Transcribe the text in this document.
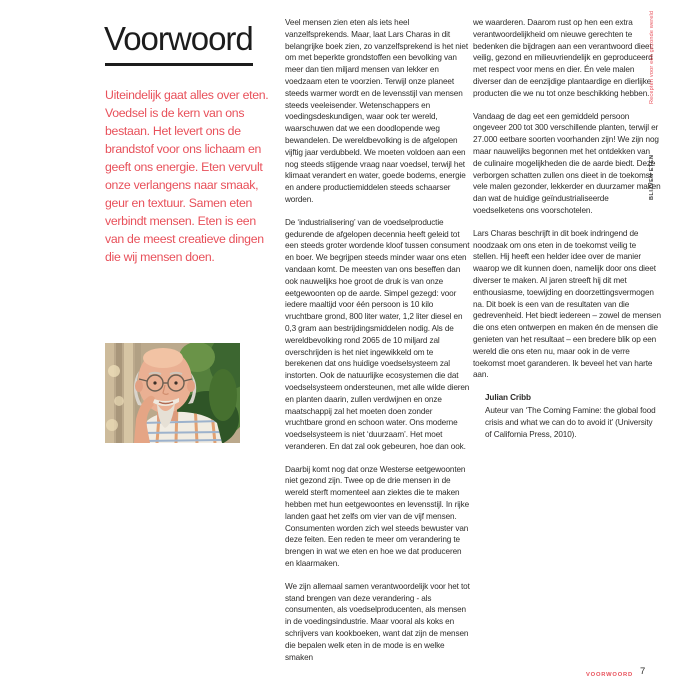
Voorwoord

Uiteindelijk gaat alles over eten. Voedsel is de kern van ons bestaan. Het levert ons de brandstof voor ons lichaam en geeft ons energie. Eten vervult onze verlangens naar smaak, geur en textuur. Samen eten verbindt mensen. Eten is een van de meest creatieve dingen die wij mensen doen.

Veel mensen zien eten als iets heel vanzelfsprekends. Maar, laat Lars Charas in dit belangrijke boek zien, zo vanzelfsprekend is het niet om met beperkte grondstoffen een bevolking van meer dan tien miljard mensen van lekker en voedzaam eten te voorzien. Terwijl onze planeet steeds warmer wordt en de levensstijl van mensen steeds veeleisender. Wetenschappers en voedingsdeskundigen, waar ook ter wereld, waarschuwen dat we een doodlopende weg bewandelen. De wereldbevolking is de afgelopen vijftig jaar verdubbeld. We moeten voldoen aan een nog steeds stijgende vraag naar voedsel, terwijl het klimaat verandert en water, goede bodems, energie en andere productiemiddelen steeds schaarser worden.

De ‘industrialisering’ van de voedselproductie gedurende de afgelopen decennia heeft geleid tot een steeds groter wordende kloof tussen consument en boer. We begrijpen steeds minder waar ons eten vandaan komt. De meesten van ons beseffen dan ook nauwelijks hoe groot de druk is van onze eetgewoonten op de aarde. Simpel gezegd: voor iedere maaltijd voor één persoon is 10 kilo vruchtbare grond, 800 liter water, 1,2 liter diesel en 0,3 gram aan bestrijdingsmiddelen nodig. Als de wereldbevolking rond 2065 de 10 miljard zal overschrijden is het niet ingewikkeld om te berekenen dat ons huidige voedselsysteem zal instorten. Ook de natuurlijke ecosystemen die dat voedselsysteem ondersteunen, met alle wilde dieren en planten daarin, zullen verdwijnen en onze maatschappij zal het moeten doen zonder vruchtbare grond en schoon water. Ons moderne voedselsysteem is niet ‘duurzaam’. Het moet veranderen. En dat zal ook gebeuren, hoe dan ook.

Daarbij komt nog dat onze Westerse eetgewoonten niet gezond zijn. Twee op de drie mensen in de wereld sterft momenteel aan ziektes die te maken hebben met hun eetgewoontes en levensstijl. In rijke landen gaat het zelfs om vier van de vijf mensen. Consumenten worden zich wel steeds bewuster van deze feiten. Een reden te meer om verandering te brengen in wat we eten en hoe we dat produceren en klaarmaken.

We zijn allemaal samen verantwoordelijk voor het tot stand brengen van deze verandering - als consumenten, als voedselproducenten, als mensen in de voedingsindustrie. Maar vooral als koks en schrijvers van kookboeken, want dat zijn de mensen die bepalen welk eten in de mode is en welke smaken

we waarderen. Daarom rust op hen een extra verantwoordelijkheid om nieuwe gerechten te bedenken die bijdragen aan een verantwoord dieet: veilig, gezond en milieuvriendelijk en geproduceerd met respect voor mens en dier. Én vele malen diverser dan de eenzijdige plantaardige en dierlijke producten die we nu tot onze beschikking hebben.

Vandaag de dag eet een gemiddeld persoon ongeveer 200 tot 300 verschillende planten, terwijl er 27.000 eetbare soorten voorhanden zijn! We zijn nog maar nauwelijks begonnen met het ontdekken van de culinaire mogelijkheden die de aarde biedt. Deze verborgen schatten zullen ons dieet in de toekomst vele malen gezonder, lekkerder en duurzamer maken dan wat de huidige geïndustrialiseerde voedselketens ons voorschotelen.

Lars Charas beschrijft in dit boek indringend de noodzaak om ons eten in de toekomst veilig te stellen. Hij heeft een helder idee over de manier waarop we dit kunnen doen, namelijk door ons dieet diverser te maken. Al jaren streeft hij dit met enthousiasme, toewijding en doorzettingsvermogen na. Dit boek is een van de resultaten van die gedrevenheid. Het biedt iedereen – zowel de mensen die ons eten ontwerpen en maken én de mensen die genieten van het resultaat – een bredere blik op een wereld die ons eten nu, maar ook in de verre toekomst moet garanderen. Ik beveel het van harte aan.

Julian Cribb

Auteur van ‘The Coming Famine: the global food crisis and what we can do to avoid it’ (University of California Press, 2010).

Recepten voor een gezonde wereld
BLIJVEN ETEN
VOORWOORD 7
